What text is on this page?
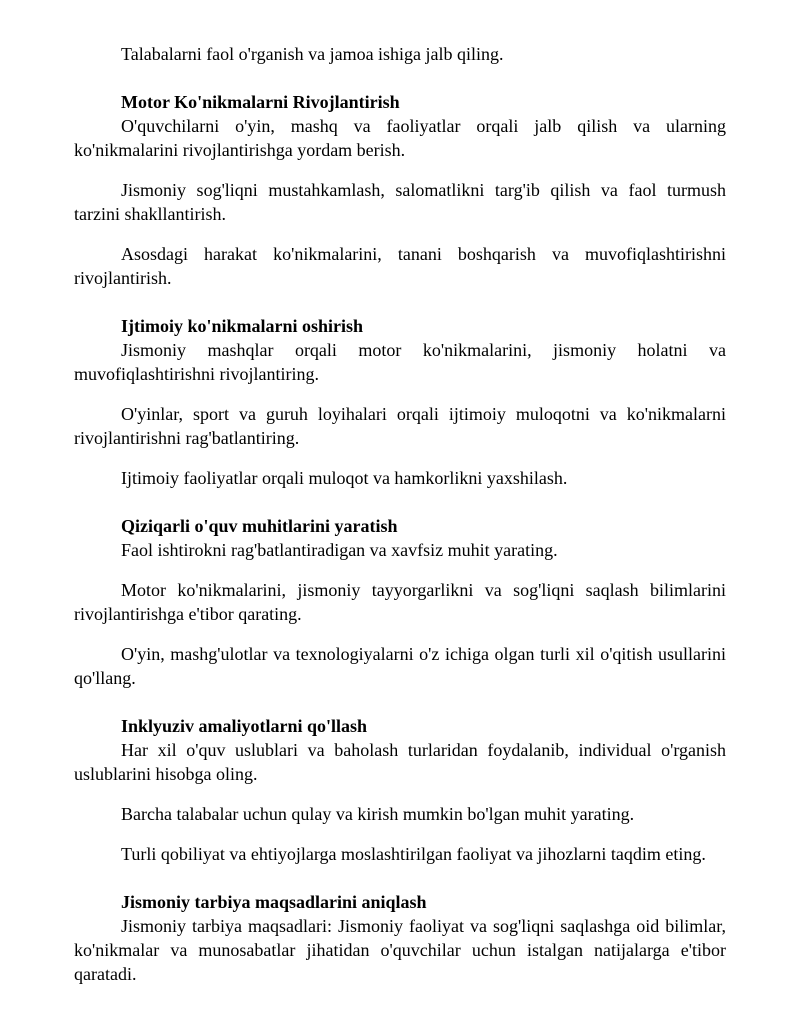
Talabalarni faol o'rganish va jamoa ishiga jalb qiling.

Motor Ko'nikmalarni Rivojlantirish

O'quvchilarni o'yin, mashq va faoliyatlar orqali jalb qilish va ularning ko'nikmalarini rivojlantirishga yordam berish.

Jismoniy sog'liqni mustahkamlash, salomatlikni targ'ib qilish va faol turmush tarzini shakllantirish.

Asosdagi harakat ko'nikmalarini, tanani boshqarish va muvofiqlashtirishni rivojlantirish.

Ijtimoiy ko'nikmalarni oshirish

Jismoniy mashqlar orqali motor ko'nikmalarini, jismoniy holatni va muvofiqlashtirishni rivojlantiring.

O'yinlar, sport va guruh loyihalari orqali ijtimoiy muloqotni va ko'nikmalarni rivojlantirishni rag'batlantiring.

Ijtimoiy faoliyatlar orqali muloqot va hamkorlikni yaxshilash.

Qiziqarli o'quv muhitlarini yaratish

Faol ishtirokni rag'batlantiradigan va xavfsiz muhit yarating.

Motor ko'nikmalarini, jismoniy tayyorgarlikni va sog'liqni saqlash bilimlarini rivojlantirishga e'tibor qarating.

O'yin, mashg'ulotlar va texnologiyalarni o'z ichiga olgan turli xil o'qitish usullarini qo'llang.

Inklyuziv amaliyotlarni qo'llash

Har xil o'quv uslublari va baholash turlaridan foydalanib, individual o'rganish uslublarini hisobga oling.

Barcha talabalar uchun qulay va kirish mumkin bo'lgan muhit yarating.

Turli qobiliyat va ehtiyojlarga moslashtirilgan faoliyat va jihozlarni taqdim eting.

Jismoniy tarbiya maqsadlarini aniqlash

Jismoniy tarbiya maqsadlari: Jismoniy faoliyat va sog'liqni saqlashga oid bilimlar, ko'nikmalar va munosabatlar jihatidan o'quvchilar uchun istalgan natijalarga e'tibor qaratadi.
